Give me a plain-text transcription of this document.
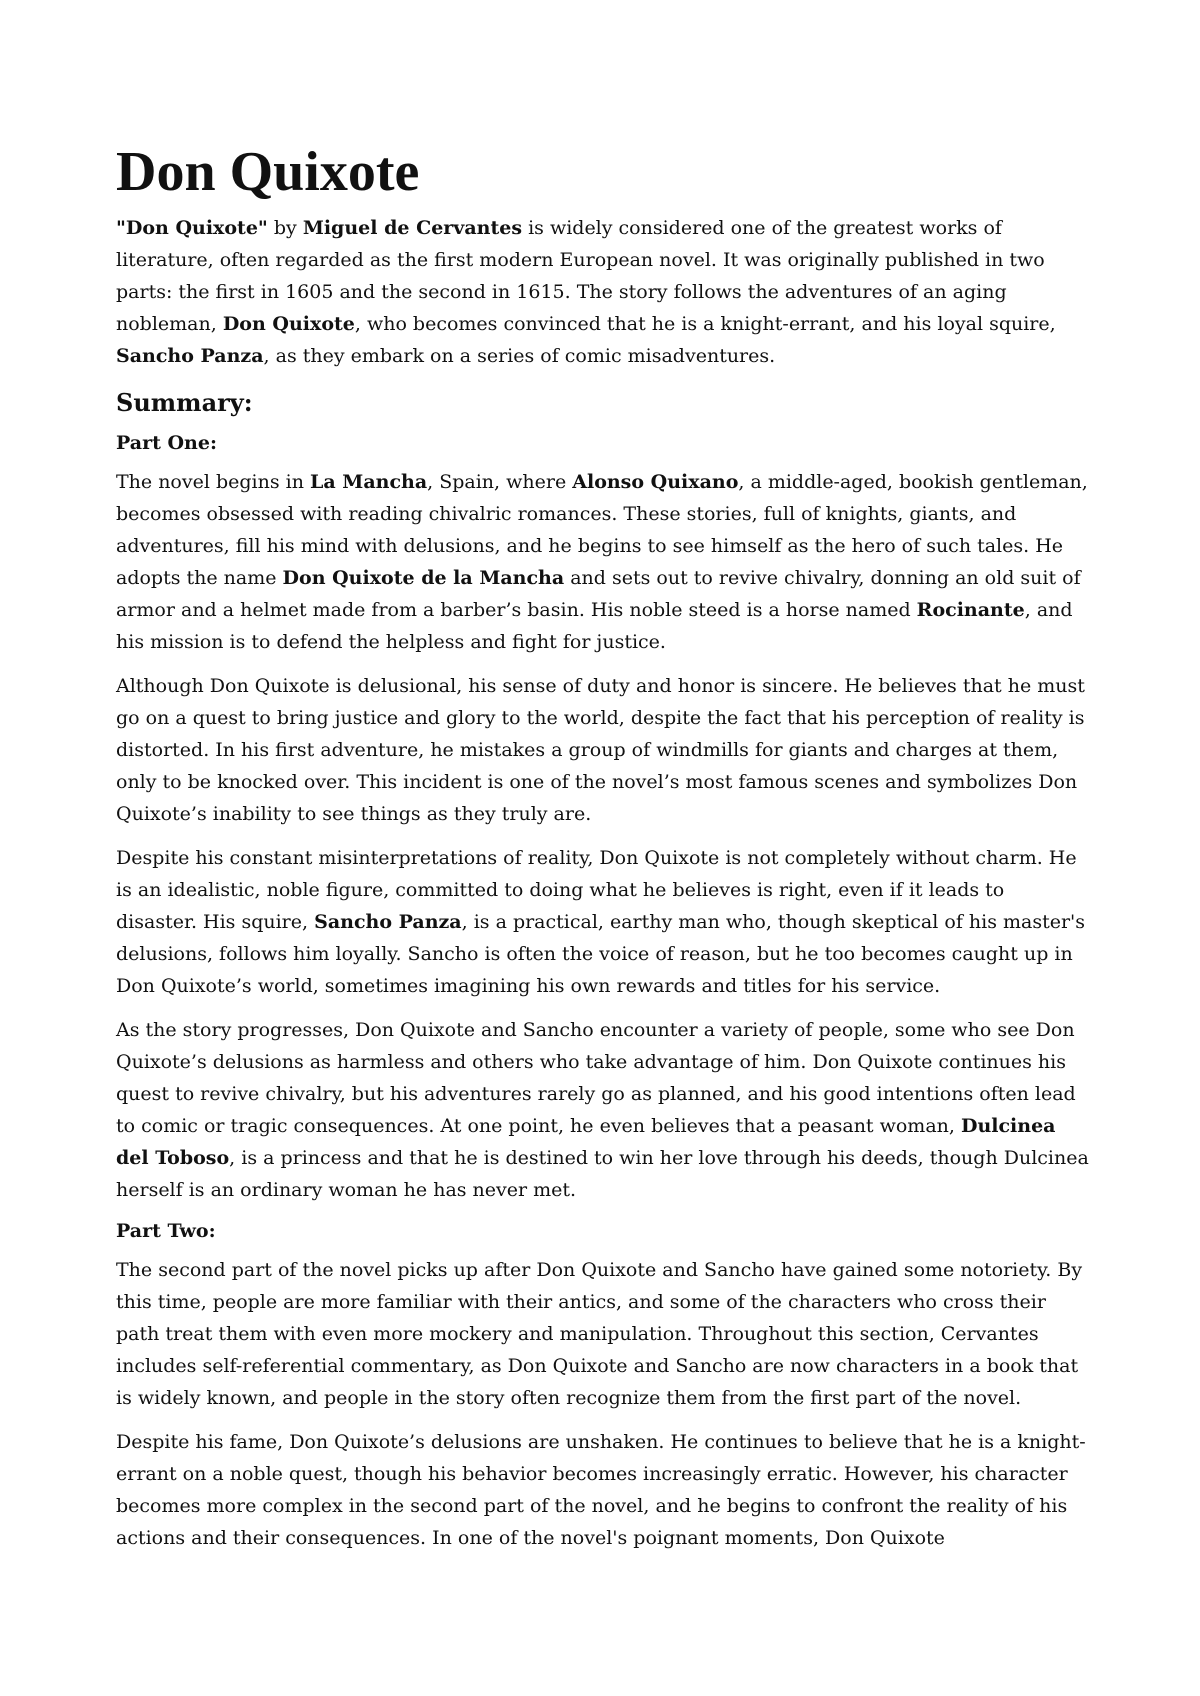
Don Quixote

"Don Quixote" by Miguel de Cervantes is widely considered one of the greatest works of literature, often regarded as the first modern European novel. It was originally published in two parts: the first in 1605 and the second in 1615. The story follows the adventures of an aging nobleman, Don Quixote, who becomes convinced that he is a knight-errant, and his loyal squire, Sancho Panza, as they embark on a series of comic misadventures.

Summary:
Part One:

The novel begins in La Mancha, Spain, where Alonso Quixano, a middle-aged, bookish gentleman, becomes obsessed with reading chivalric romances. These stories, full of knights, giants, and adventures, fill his mind with delusions, and he begins to see himself as the hero of such tales. He adopts the name Don Quixote de la Mancha and sets out to revive chivalry, donning an old suit of armor and a helmet made from a barber’s basin. His noble steed is a horse named Rocinante, and his mission is to defend the helpless and fight for justice.

Although Don Quixote is delusional, his sense of duty and honor is sincere. He believes that he must go on a quest to bring justice and glory to the world, despite the fact that his perception of reality is distorted. In his first adventure, he mistakes a group of windmills for giants and charges at them, only to be knocked over. This incident is one of the novel’s most famous scenes and symbolizes Don Quixote’s inability to see things as they truly are.

Despite his constant misinterpretations of reality, Don Quixote is not completely without charm. He is an idealistic, noble figure, committed to doing what he believes is right, even if it leads to disaster. His squire, Sancho Panza, is a practical, earthy man who, though skeptical of his master's delusions, follows him loyally. Sancho is often the voice of reason, but he too becomes caught up in Don Quixote’s world, sometimes imagining his own rewards and titles for his service.

As the story progresses, Don Quixote and Sancho encounter a variety of people, some who see Don Quixote’s delusions as harmless and others who take advantage of him. Don Quixote continues his quest to revive chivalry, but his adventures rarely go as planned, and his good intentions often lead to comic or tragic consequences. At one point, he even believes that a peasant woman, Dulcinea del Toboso, is a princess and that he is destined to win her love through his deeds, though Dulcinea herself is an ordinary woman he has never met.

Part Two:

The second part of the novel picks up after Don Quixote and Sancho have gained some notoriety. By this time, people are more familiar with their antics, and some of the characters who cross their path treat them with even more mockery and manipulation. Throughout this section, Cervantes includes self-referential commentary, as Don Quixote and Sancho are now characters in a book that is widely known, and people in the story often recognize them from the first part of the novel.

Despite his fame, Don Quixote’s delusions are unshaken. He continues to believe that he is a knight-errant on a noble quest, though his behavior becomes increasingly erratic. However, his character becomes more complex in the second part of the novel, and he begins to confront the reality of his actions and their consequences. In one of the novel's poignant moments, Don Quixote
